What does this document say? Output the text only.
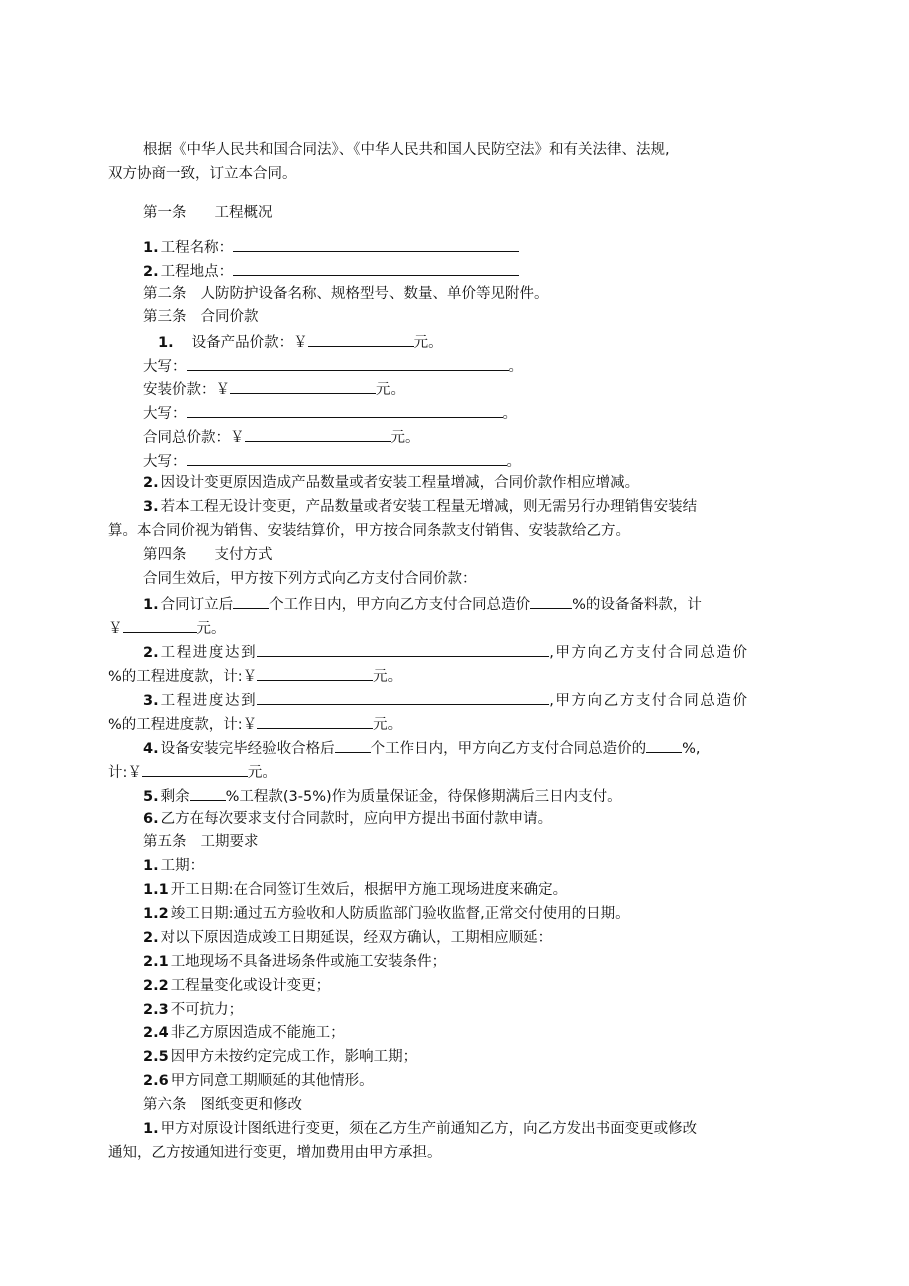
根据《中华人民共和国合同法》、《中华人民共和国人民防空法》和有关法律、法规,
双方协商一致，订立本合同。
第一条 工程概况
1. 工程名称：
2. 工程地点：
第二条 人防防护设备名称、规格型号、数量、单价等见附件。
第三条 合同价款
1. 设备产品价款：￥	元。
大写：	。
安装价款：￥	元。
大写：	。
合同总价款：￥	元。
大写：	。
2. 因设计变更原因造成产品数量或者安装工程量增减，合同价款作相应增减。
3. 若本工程无设计变更，产品数量或者安装工程量无增减，则无需另行办理销售安装结
算。本合同价视为销售、安装结算价，甲方按合同条款支付销售、安装款给乙方。
第四条 支付方式
合同生效后，甲方按下列方式向乙方支付合同价款：
1. 合同订立后 个工作日内，甲方向乙方支付合同总造价	%的设备备料款，计
￥	元。
2. 工程进度达到	,甲方向乙方支付合同总造价
%的工程进度款，计:￥	元。
3. 工程进度达到	,甲方向乙方支付合同总造价
%的工程进度款，计:￥	元。
4. 设备安装完毕经验收合格后 个工作日内，甲方向乙方支付合同总造价的 %,
计:￥	元。
5. 剩余 %工程款(3-5%)作为质量保证金，待保修期满后三日内支付。
6. 乙方在每次要求支付合同款时，应向甲方提出书面付款申请。
第五条 工期要求
1. 工期：
1.1 开工日期:在合同签订生效后，根据甲方施工现场进度来确定。
1.2 竣工日期:通过五方验收和人防质监部门验收监督,正常交付使用的日期。
2. 对以下原因造成竣工日期延误，经双方确认，工期相应顺延：
2.1 工地现场不具备进场条件或施工安装条件；
2.2 工程量变化或设计变更；
2.3 不可抗力；
2.4 非乙方原因造成不能施工；
2.5 因甲方未按约定完成工作，影响工期；
2.6 甲方同意工期顺延的其他情形。
第六条 图纸变更和修改
1. 甲方对原设计图纸进行变更，须在乙方生产前通知乙方，向乙方发出书面变更或修改
通知，乙方按通知进行变更，增加费用由甲方承担。
